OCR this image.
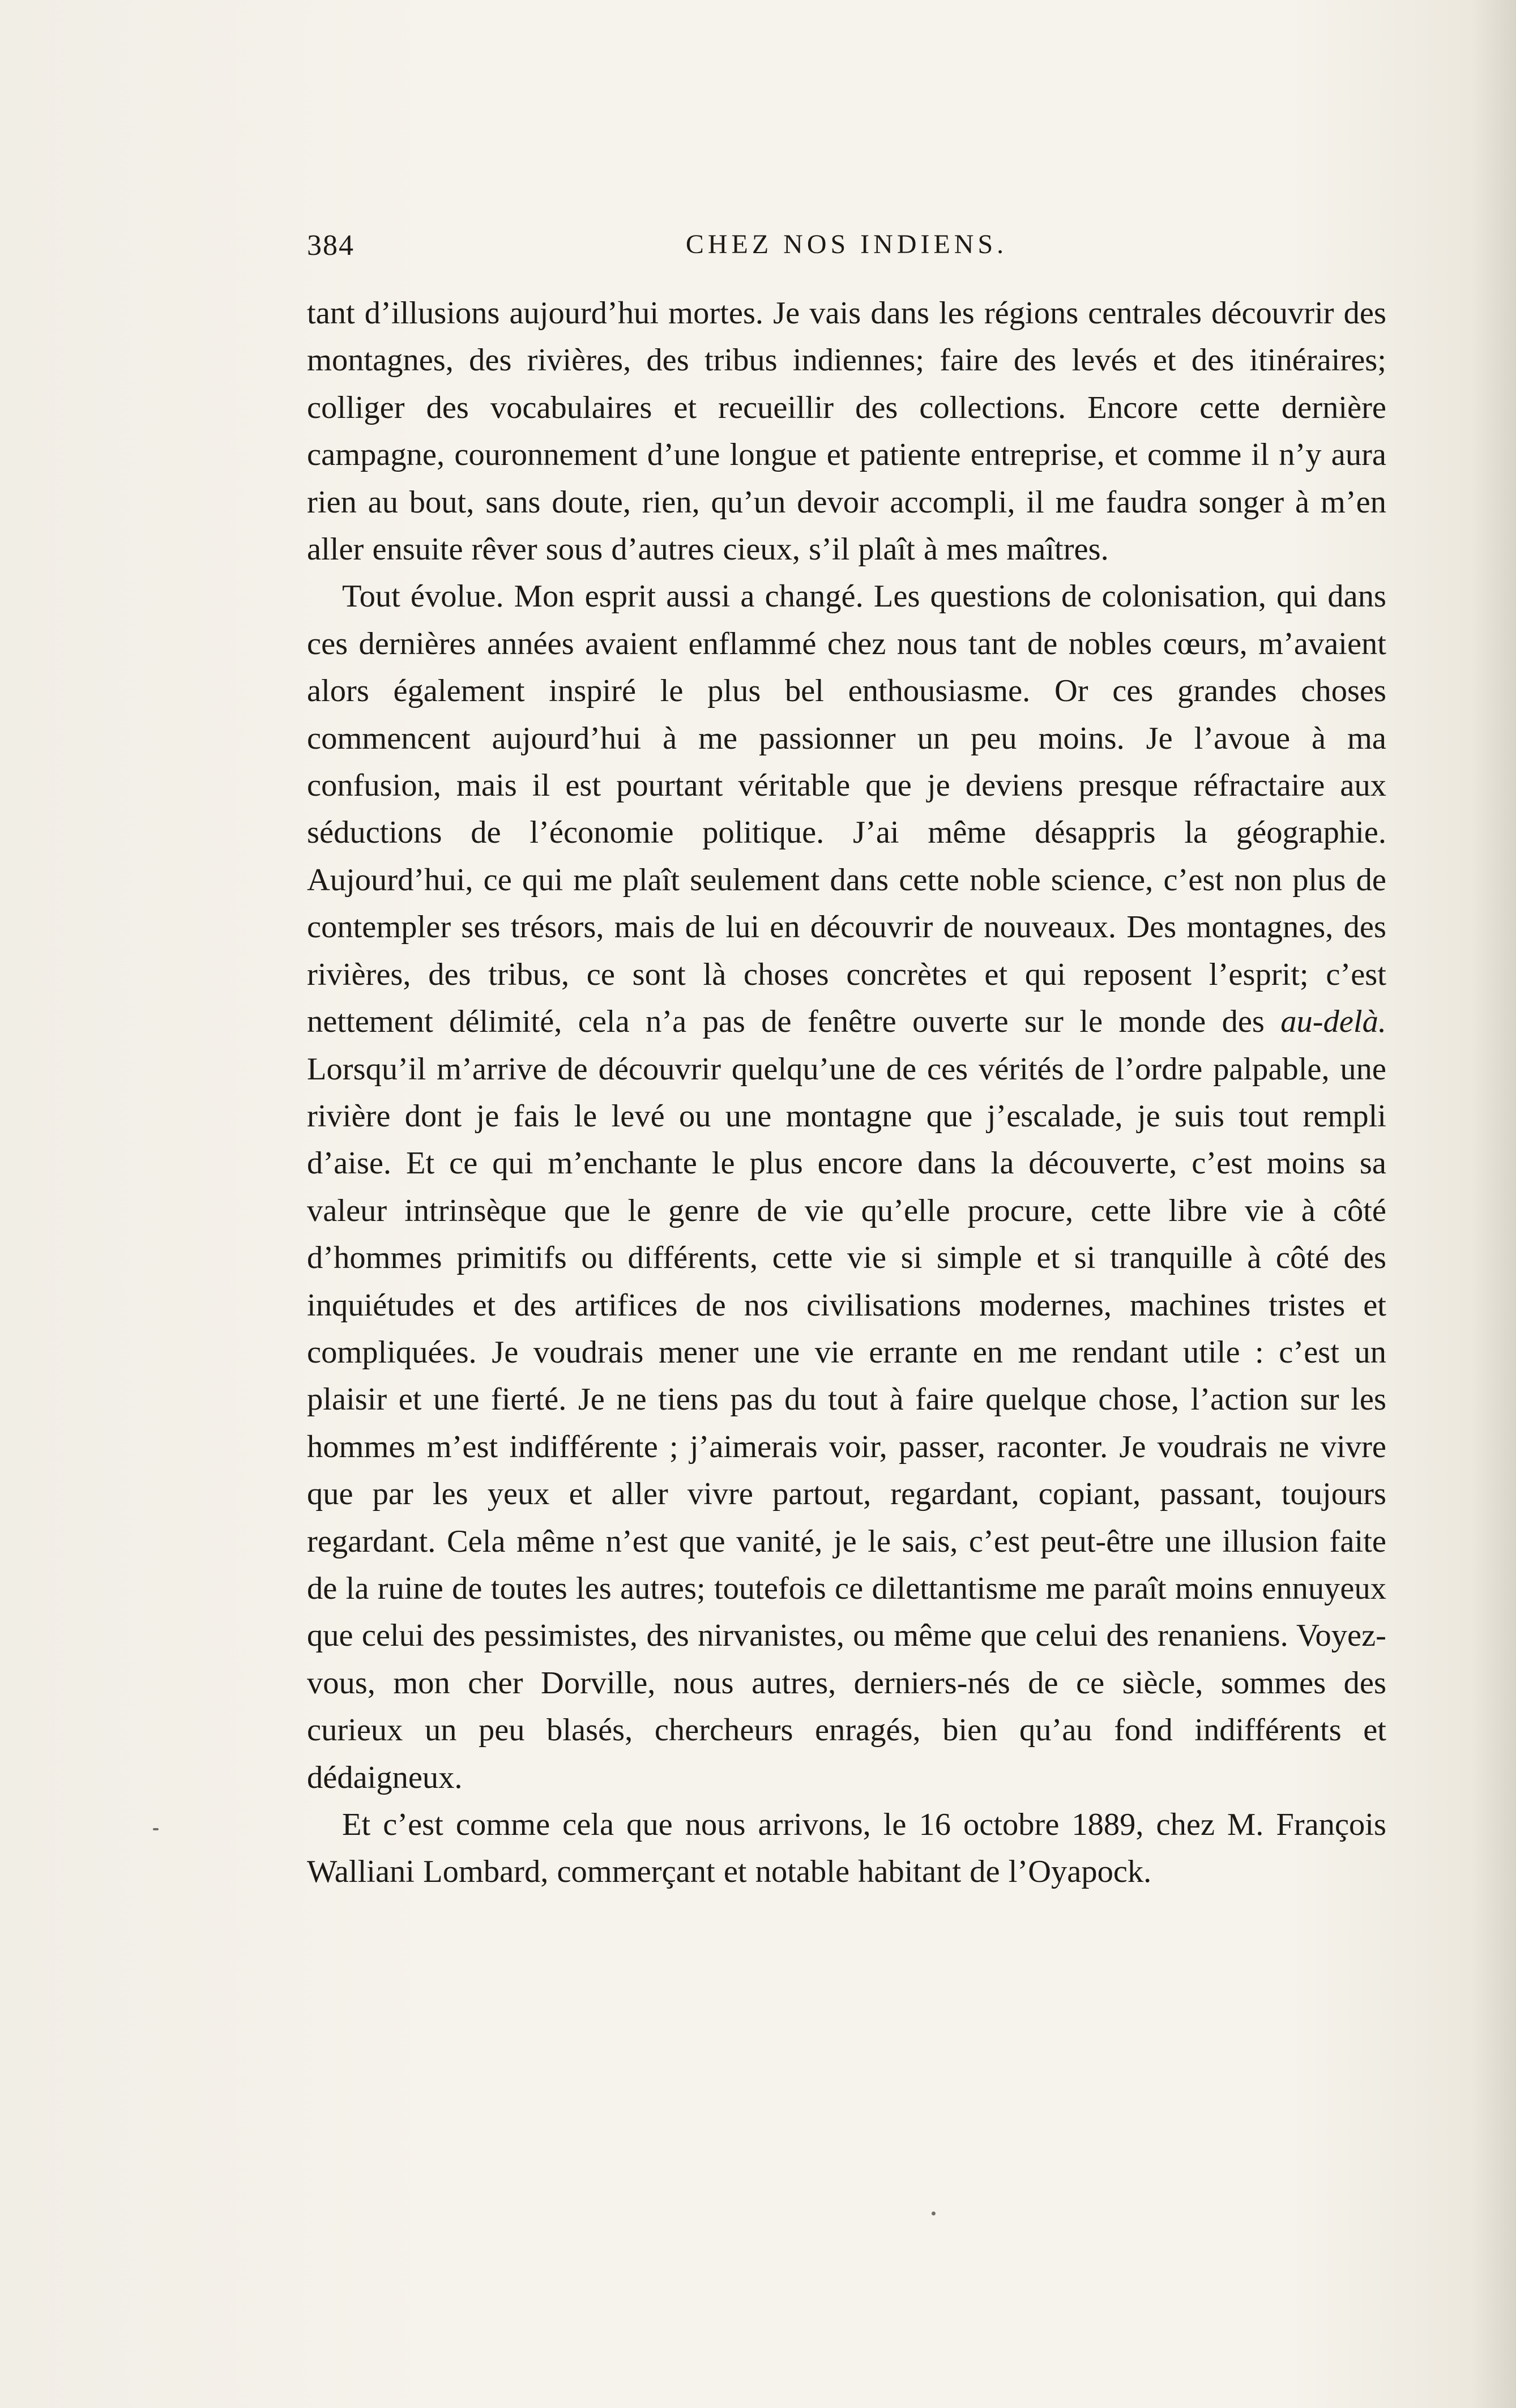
384	CHEZ NOS INDIENS.

tant d’illusions aujourd’hui mortes. Je vais dans les régions centrales découvrir des montagnes, des rivières, des tribus indiennes; faire des levés et des itinéraires; colliger des vocabulaires et recueillir des collections. Encore cette dernière campagne, couronnement d’une longue et patiente entreprise, et comme il n’y aura rien au bout, sans doute, rien, qu’un devoir accompli, il me faudra songer à m’en aller ensuite rêver sous d’autres cieux, s’il plaît à mes maîtres.

Tout évolue. Mon esprit aussi a changé. Les questions de colonisation, qui dans ces dernières années avaient enflammé chez nous tant de nobles cœurs, m’avaient alors également inspiré le plus bel enthousiasme. Or ces grandes choses commencent aujourd’hui à me passionner un peu moins. Je l’avoue à ma confusion, mais il est pourtant véritable que je deviens presque réfractaire aux séductions de l’économie politique. J’ai même désappris la géographie. Aujourd’hui, ce qui me plaît seulement dans cette noble science, c’est non plus de contempler ses trésors, mais de lui en découvrir de nouveaux. Des montagnes, des rivières, des tribus, ce sont là choses concrètes et qui reposent l’esprit; c’est nettement délimité, cela n’a pas de fenêtre ouverte sur le monde des au-delà. Lorsqu’il m’arrive de découvrir quelqu’une de ces vérités de l’ordre palpable, une rivière dont je fais le levé ou une montagne que j’escalade, je suis tout rempli d’aise. Et ce qui m’enchante le plus encore dans la découverte, c’est moins sa valeur intrinsèque que le genre de vie qu’elle procure, cette libre vie à côté d’hommes primitifs ou différents, cette vie si simple et si tranquille à côté des inquiétudes et des artifices de nos civilisations modernes, machines tristes et compliquées. Je voudrais mener une vie errante en me rendant utile : c’est un plaisir et une fierté. Je ne tiens pas du tout à faire quelque chose, l’action sur les hommes m’est indifférente ; j’aimerais voir, passer, raconter. Je voudrais ne vivre que par les yeux et aller vivre partout, regardant, copiant, passant, toujours regardant. Cela même n’est que vanité, je le sais, c’est peut-être une illusion faite de la ruine de toutes les autres; toutefois ce dilettantisme me paraît moins ennuyeux que celui des pessimistes, des nirvanistes, ou même que celui des renaniens. Voyez-vous, mon cher Dorville, nous autres, derniers-nés de ce siècle, sommes des curieux un peu blasés, chercheurs enragés, bien qu’au fond indifférents et dédaigneux.

Et c’est comme cela que nous arrivons, le 16 octobre 1889, chez M. François Walliani Lombard, commerçant et notable habitant de l’Oyapock.
